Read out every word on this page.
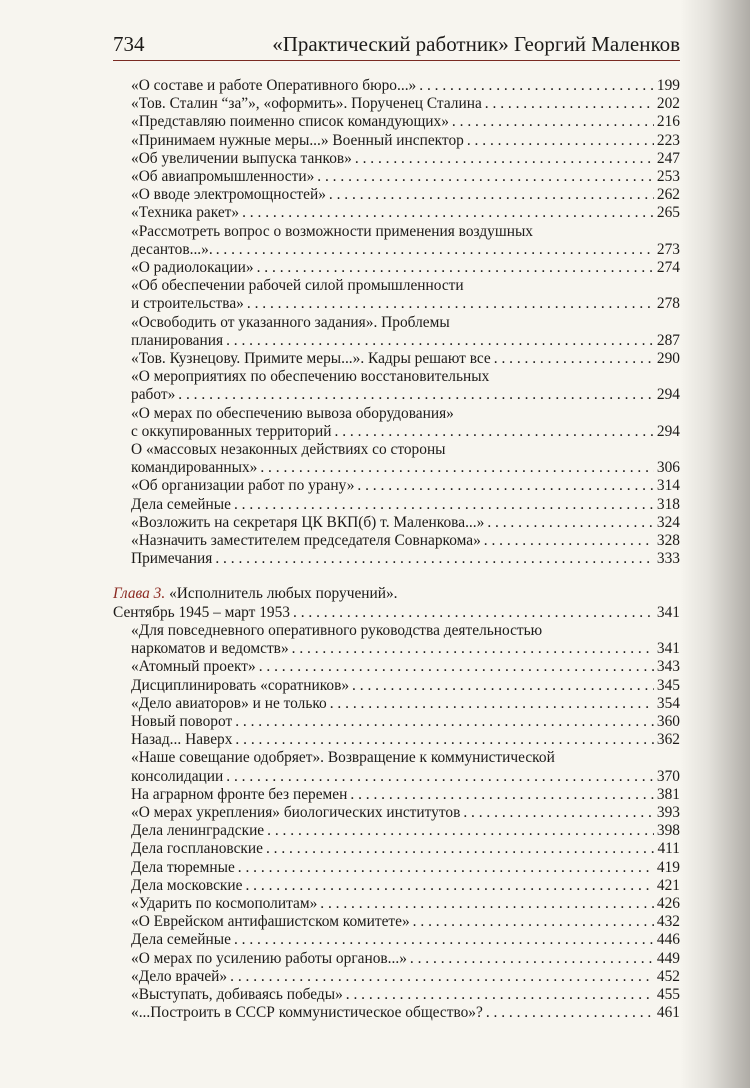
734	«Практический работник» Георгий Маленков
«О составе и работе Оперативного бюро...» . . .	199
«Тов. Сталин “за”», «оформить». Порученец Сталина . . .	202
«Представляю поименно список командующих» . . .	216
«Принимаем нужные меры...» Военный инспектор . . .	223
«Об увеличении выпуска танков» . . .	247
«Об авиапромышленности» . . .	253
«О вводе электромощностей» . . .	262
«Техника ракет» . . .	265
«Рассмотреть вопрос о возможности применения воздушных
десантов...». . . .	273
«О радиолокации» . . .	274
«Об обеспечении рабочей силой промышленности
и строительства» . . .	278
«Освободить от указанного задания». Проблемы
планирования . . .	287
«Тов. Кузнецову. Примите меры...». Кадры решают все . . .	290
«О мероприятиях по обеспечению восстановительных
работ» . . .	294
«О мерах по обеспечению вывоза оборудования»
с оккупированных территорий . . .	294
О «массовых незаконных действиях со стороны
командированных» . . .	306
«Об организации работ по урану» . . .	314
Дела семейные . . .	318
«Возложить на секретаря ЦК ВКП(б) т. Маленкова...» . . .	324
«Назначить заместителем председателя Совнаркома» . . .	328
Примечания . . .	333
Глава 3. «Исполнитель любых поручений».
Сентябрь 1945 – март 1953 . . .	341
«Для повседневного оперативного руководства деятельностью
наркоматов и ведомств» . . .	341
«Атомный проект» . . .	343
Дисциплинировать «соратников» . . .	345
«Дело авиаторов» и не только . . .	354
Новый поворот . . .	360
Назад... Наверх . . .	362
«Наше совещание одобряет». Возвращение к коммунистической
консолидации . . .	370
На аграрном фронте без перемен . . .	381
«О мерах укрепления» биологических институтов . . .	393
Дела ленинградские . . .	398
Дела госплановские . . .	411
Дела тюремные . . .	419
Дела московские . . .	421
«Ударить по космополитам» . . .	426
«О Еврейском антифашистском комитете» . . .	432
Дела семейные . . .	446
«О мерах по усилению работы органов...» . . .	449
«Дело врачей» . . .	452
«Выступать, добиваясь победы» . . .	455
«...Построить в СССР коммунистическое общество»? . . .	461
